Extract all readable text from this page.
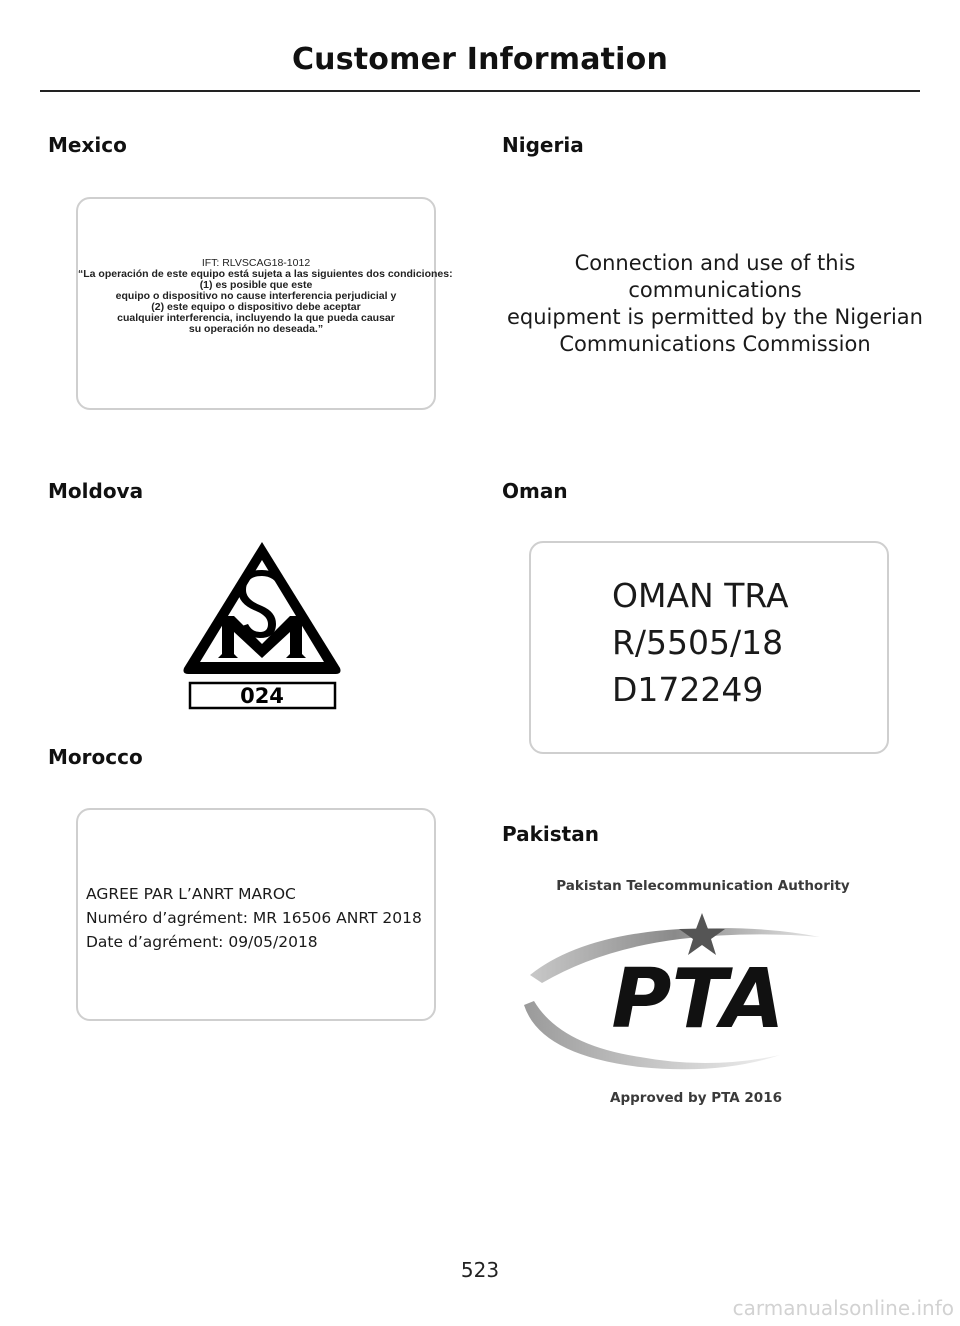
Customer Information
Mexico
IFT: RLVSCAG18-1012
“La operación de este equipo está sujeta a las siguientes dos condiciones:
(1) es posible que este
equipo o dispositivo no cause interferencia perjudicial y
(2) este equipo o dispositivo debe aceptar
cualquier interferencia, incluyendo la que pueda causar
su operación no deseada.”
Nigeria
Connection and use of this
communications
equipment is permitted by the Nigerian
Communications Commission
Moldova
024
Oman
OMAN TRA
R/5505/18
D172249
Morocco
AGREE PAR L’ANRT MAROC
Numéro d’agrément: MR 16506 ANRT 2018
Date d’agrément: 09/05/2018
Pakistan
Pakistan Telecommunication Authority
PTA
Approved by PTA 2016
523
carmanualsonline.info
